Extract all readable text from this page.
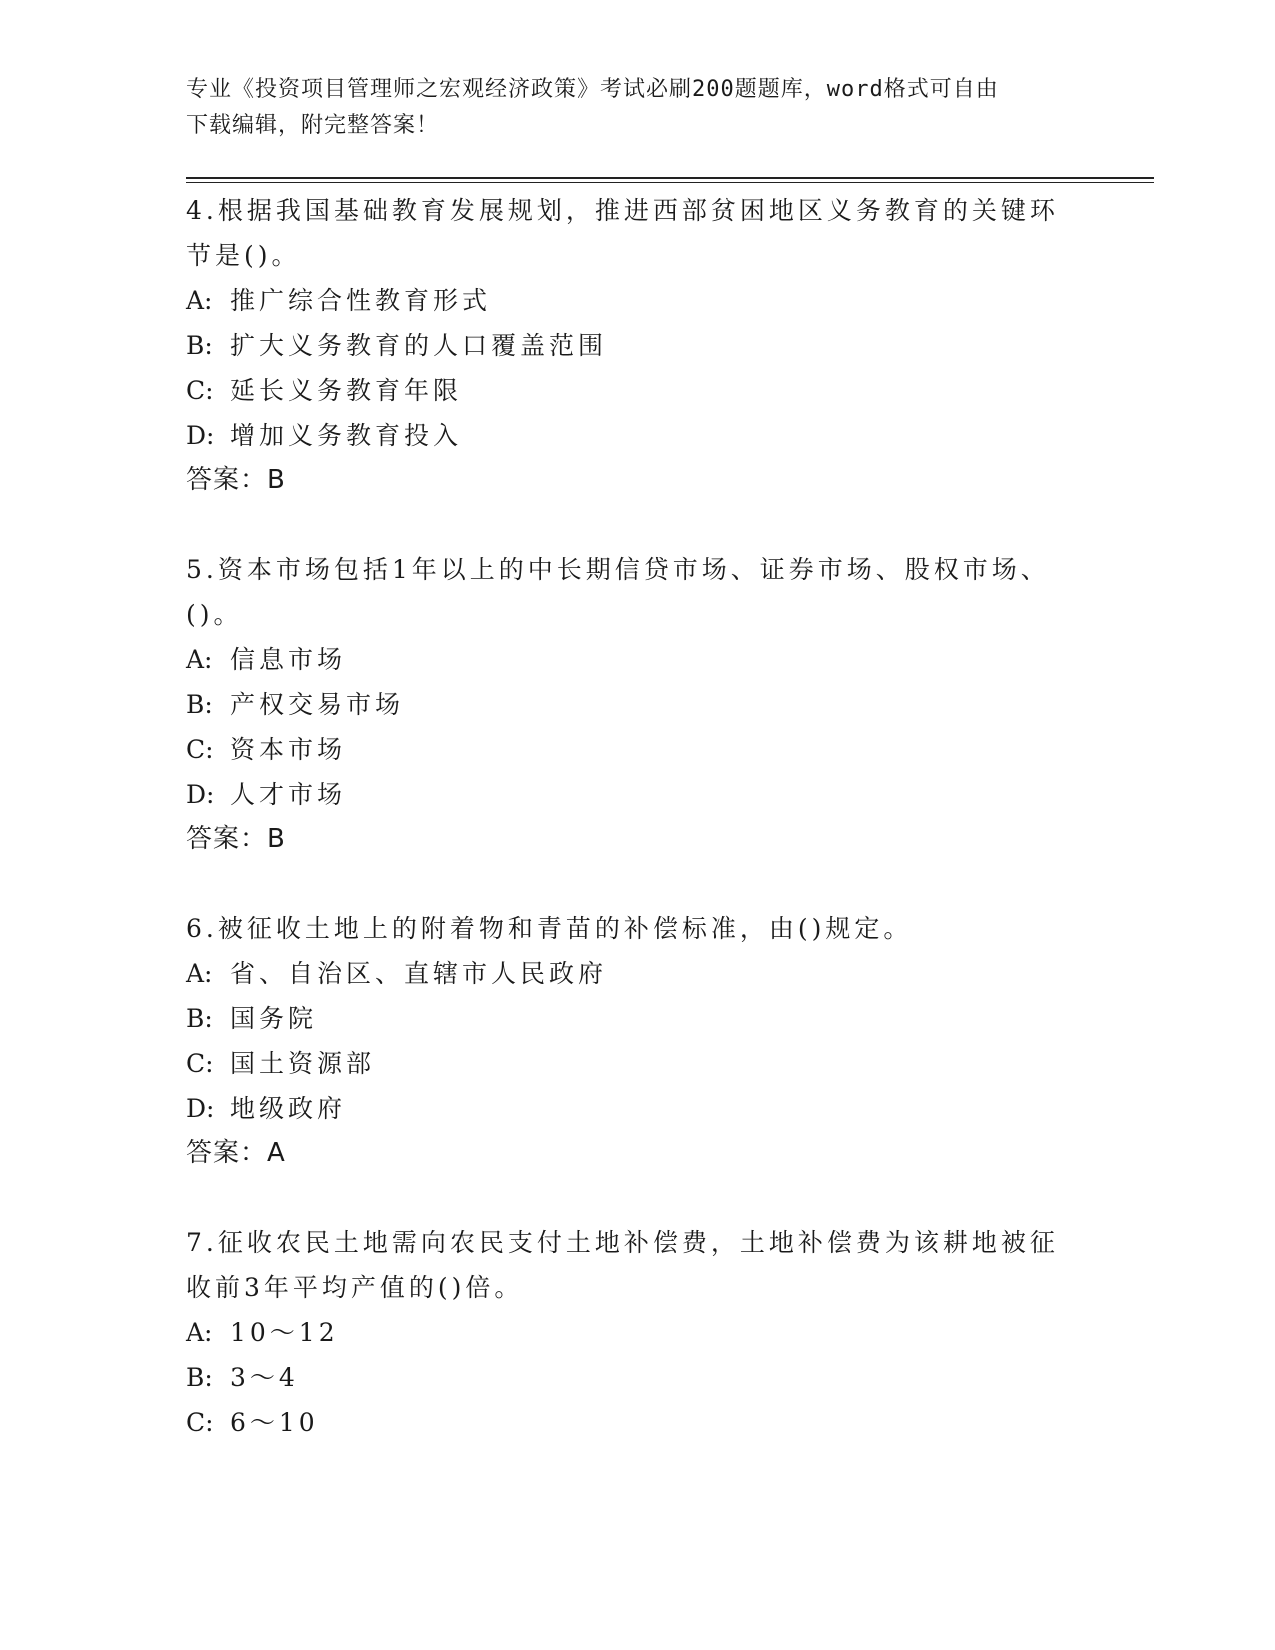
专业《投资项目管理师之宏观经济政策》考试必刷200题题库，word格式可自由
下载编辑，附完整答案！
4.根据我国基础教育发展规划，推进西部贫困地区义务教育的关键环
节是()。
A: 推广综合性教育形式
B: 扩大义务教育的人口覆盖范围
C: 延长义务教育年限
D: 增加义务教育投入
答案：B
5.资本市场包括1年以上的中长期信贷市场、证券市场、股权市场、
()。
A: 信息市场
B: 产权交易市场
C: 资本市场
D: 人才市场
答案：B
6.被征收土地上的附着物和青苗的补偿标准，由()规定。
A: 省、自治区、直辖市人民政府
B: 国务院
C: 国土资源部
D: 地级政府
答案：A
7.征收农民土地需向农民支付土地补偿费，土地补偿费为该耕地被征
收前3年平均产值的()倍。
A: 10～12
B: 3～4
C: 6～10
